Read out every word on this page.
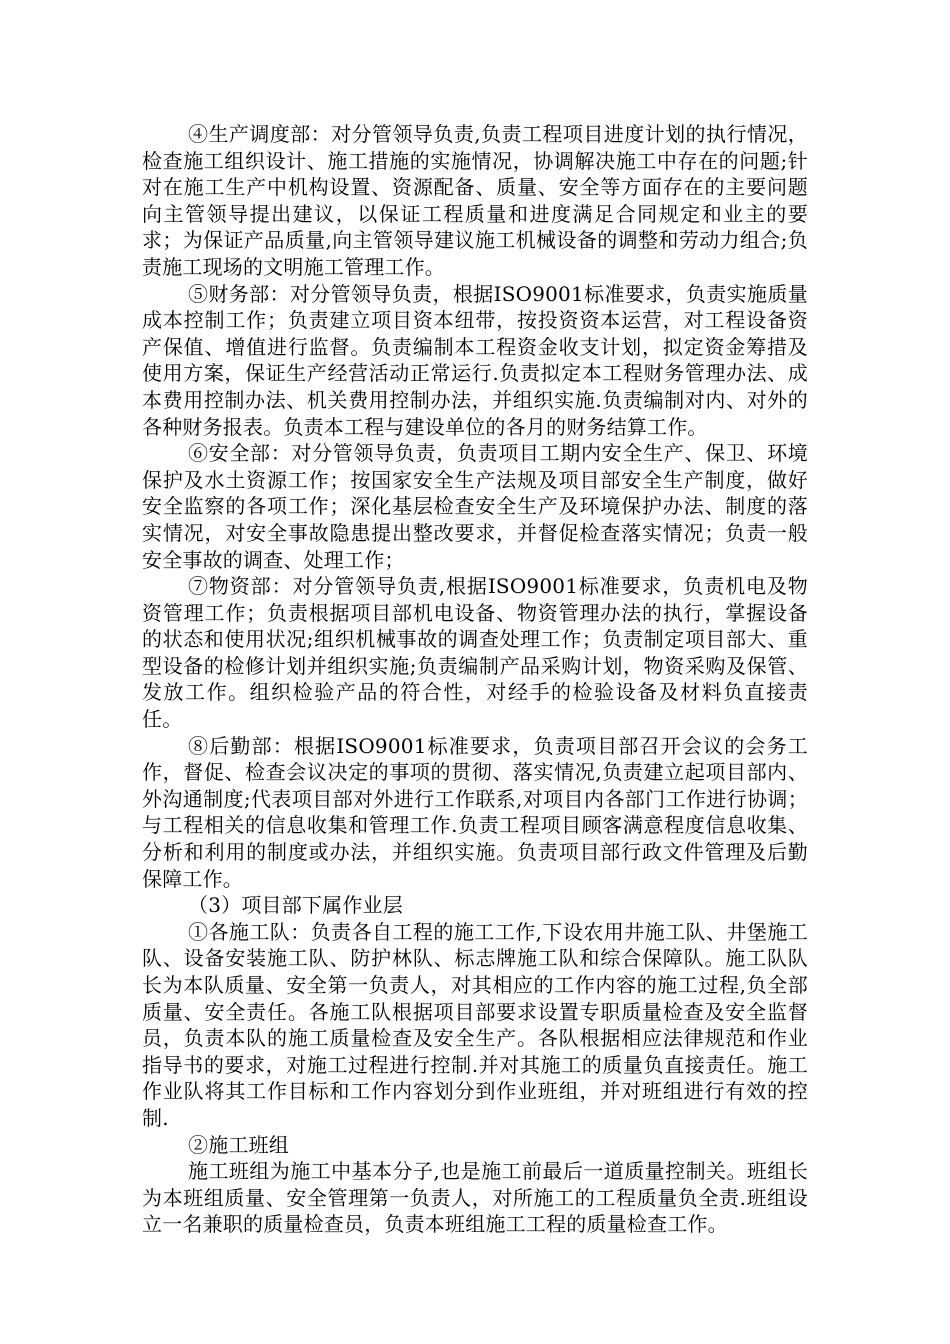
④生产调度部：对分管领导负责,负责工程项目进度计划的执行情况，检查施工组织设计、施工措施的实施情况，协调解决施工中存在的问题;针对在施工生产中机构设置、资源配备、质量、安全等方面存在的主要问题向主管领导提出建议，以保证工程质量和进度满足合同规定和业主的要求；为保证产品质量,向主管领导建议施工机械设备的调整和劳动力组合;负责施工现场的文明施工管理工作。

⑤财务部：对分管领导负责，根据ISO9001标准要求，负责实施质量成本控制工作；负责建立项目资本纽带，按投资资本运营，对工程设备资产保值、增值进行监督。负责编制本工程资金收支计划，拟定资金筹措及使用方案，保证生产经营活动正常运行.负责拟定本工程财务管理办法、成本费用控制办法、机关费用控制办法，并组织实施.负责编制对内、对外的各种财务报表。负责本工程与建设单位的各月的财务结算工作。

⑥安全部：对分管领导负责，负责项目工期内安全生产、保卫、环境保护及水土资源工作；按国家安全生产法规及项目部安全生产制度，做好安全监察的各项工作；深化基层检查安全生产及环境保护办法、制度的落实情况，对安全事故隐患提出整改要求，并督促检查落实情况；负责一般安全事故的调查、处理工作；

⑦物资部：对分管领导负责,根据ISO9001标准要求，负责机电及物资管理工作；负责根据项目部机电设备、物资管理办法的执行，掌握设备的状态和使用状况;组织机械事故的调查处理工作；负责制定项目部大、重型设备的检修计划并组织实施;负责编制产品采购计划，物资采购及保管、发放工作。组织检验产品的符合性，对经手的检验设备及材料负直接责任。

⑧后勤部：根据ISO9001标准要求，负责项目部召开会议的会务工作，督促、检查会议决定的事项的贯彻、落实情况,负责建立起项目部内、外沟通制度;代表项目部对外进行工作联系,对项目内各部门工作进行协调；与工程相关的信息收集和管理工作.负责工程项目顾客满意程度信息收集、分析和利用的制度或办法，并组织实施。负责项目部行政文件管理及后勤保障工作。

（3）项目部下属作业层

①各施工队：负责各自工程的施工工作,下设农用井施工队、井堡施工队、设备安装施工队、防护林队、标志牌施工队和综合保障队。施工队队长为本队质量、安全第一负责人，对其相应的工作内容的施工过程,负全部质量、安全责任。各施工队根据项目部要求设置专职质量检查及安全监督员，负责本队的施工质量检查及安全生产。各队根据相应法律规范和作业指导书的要求，对施工过程进行控制.并对其施工的质量负直接责任。施工作业队将其工作目标和工作内容划分到作业班组，并对班组进行有效的控制.

②施工班组

施工班组为施工中基本分子,也是施工前最后一道质量控制关。班组长为本班组质量、安全管理第一负责人，对所施工的工程质量负全责.班组设立一名兼职的质量检查员，负责本班组施工工程的质量检查工作。
